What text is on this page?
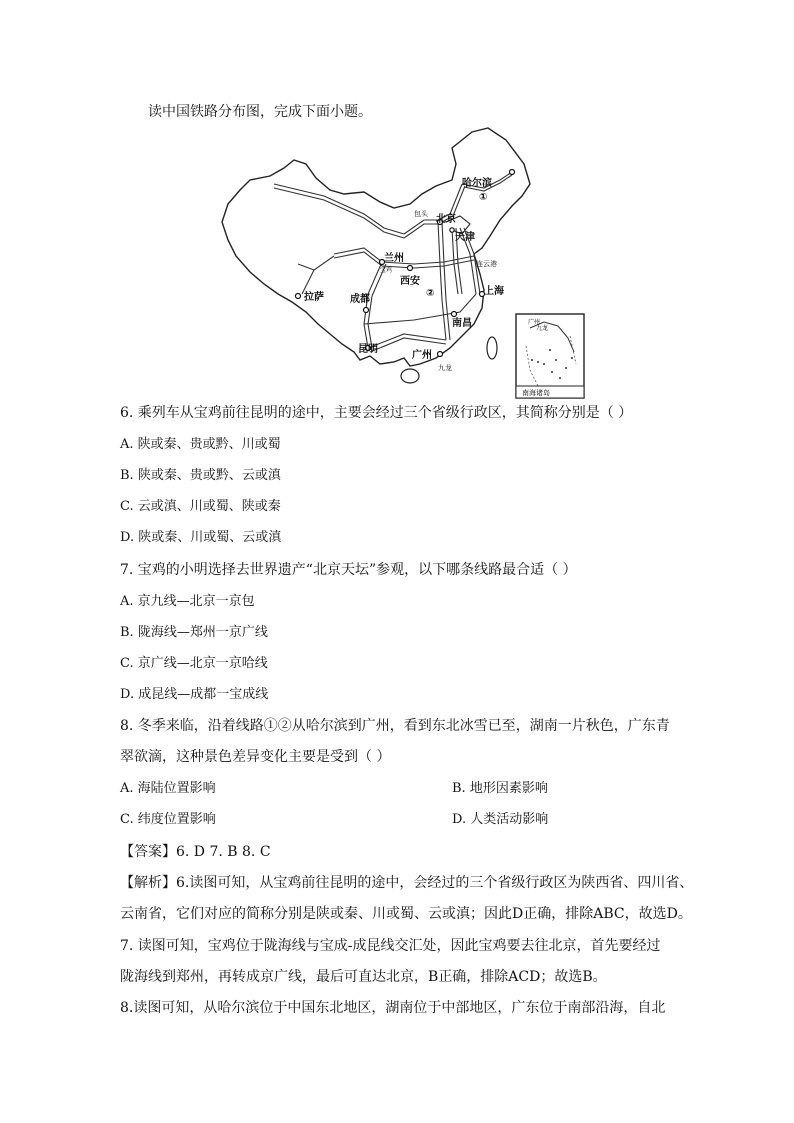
读中国铁路分布图，完成下面小题。
哈尔滨
①
包头 北京
天津
兰州
宝鸡
西安
连云港
②
拉萨	成都
上海
南昌
昆明
广州
九龙
广州
九龙
南海诸岛
6. 乘列车从宝鸡前往昆明的途中，主要会经过三个省级行政区，其简称分别是（ ）
A. 陕或秦、贵或黔、川或蜀
B. 陕或秦、贵或黔、云或滇
C. 云或滇、川或蜀、陕或秦
D. 陕或秦、川或蜀、云或滇
7. 宝鸡的小明选择去世界遗产“北京天坛”参观，以下哪条线路最合适（ ）
A. 京九线—北京一京包
B. 陇海线—郑州一京广线
C. 京广线—北京一京哈线
D. 成昆线—成都一宝成线
8. 冬季来临，沿着线路①②从哈尔滨到广州，看到东北冰雪已至，湖南一片秋色，广东青
翠欲滴，这种景色差异变化主要是受到（ ）
A. 海陆位置影响	B. 地形因素影响
C. 纬度位置影响	D. 人类活动影响
【答案】6. D 7. B 8. C
【解析】6.读图可知，从宝鸡前往昆明的途中，会经过的三个省级行政区为陕西省、四川省、
云南省，它们对应的简称分别是陕或秦、川或蜀、云或滇；因此D正确，排除ABC，故选D。
7. 读图可知，宝鸡位于陇海线与宝成-成昆线交汇处，因此宝鸡要去往北京，首先要经过
陇海线到郑州，再转成京广线，最后可直达北京，B正确，排除ACD；故选B。
8.读图可知，从哈尔滨位于中国东北地区，湖南位于中部地区，广东位于南部沿海，自北
